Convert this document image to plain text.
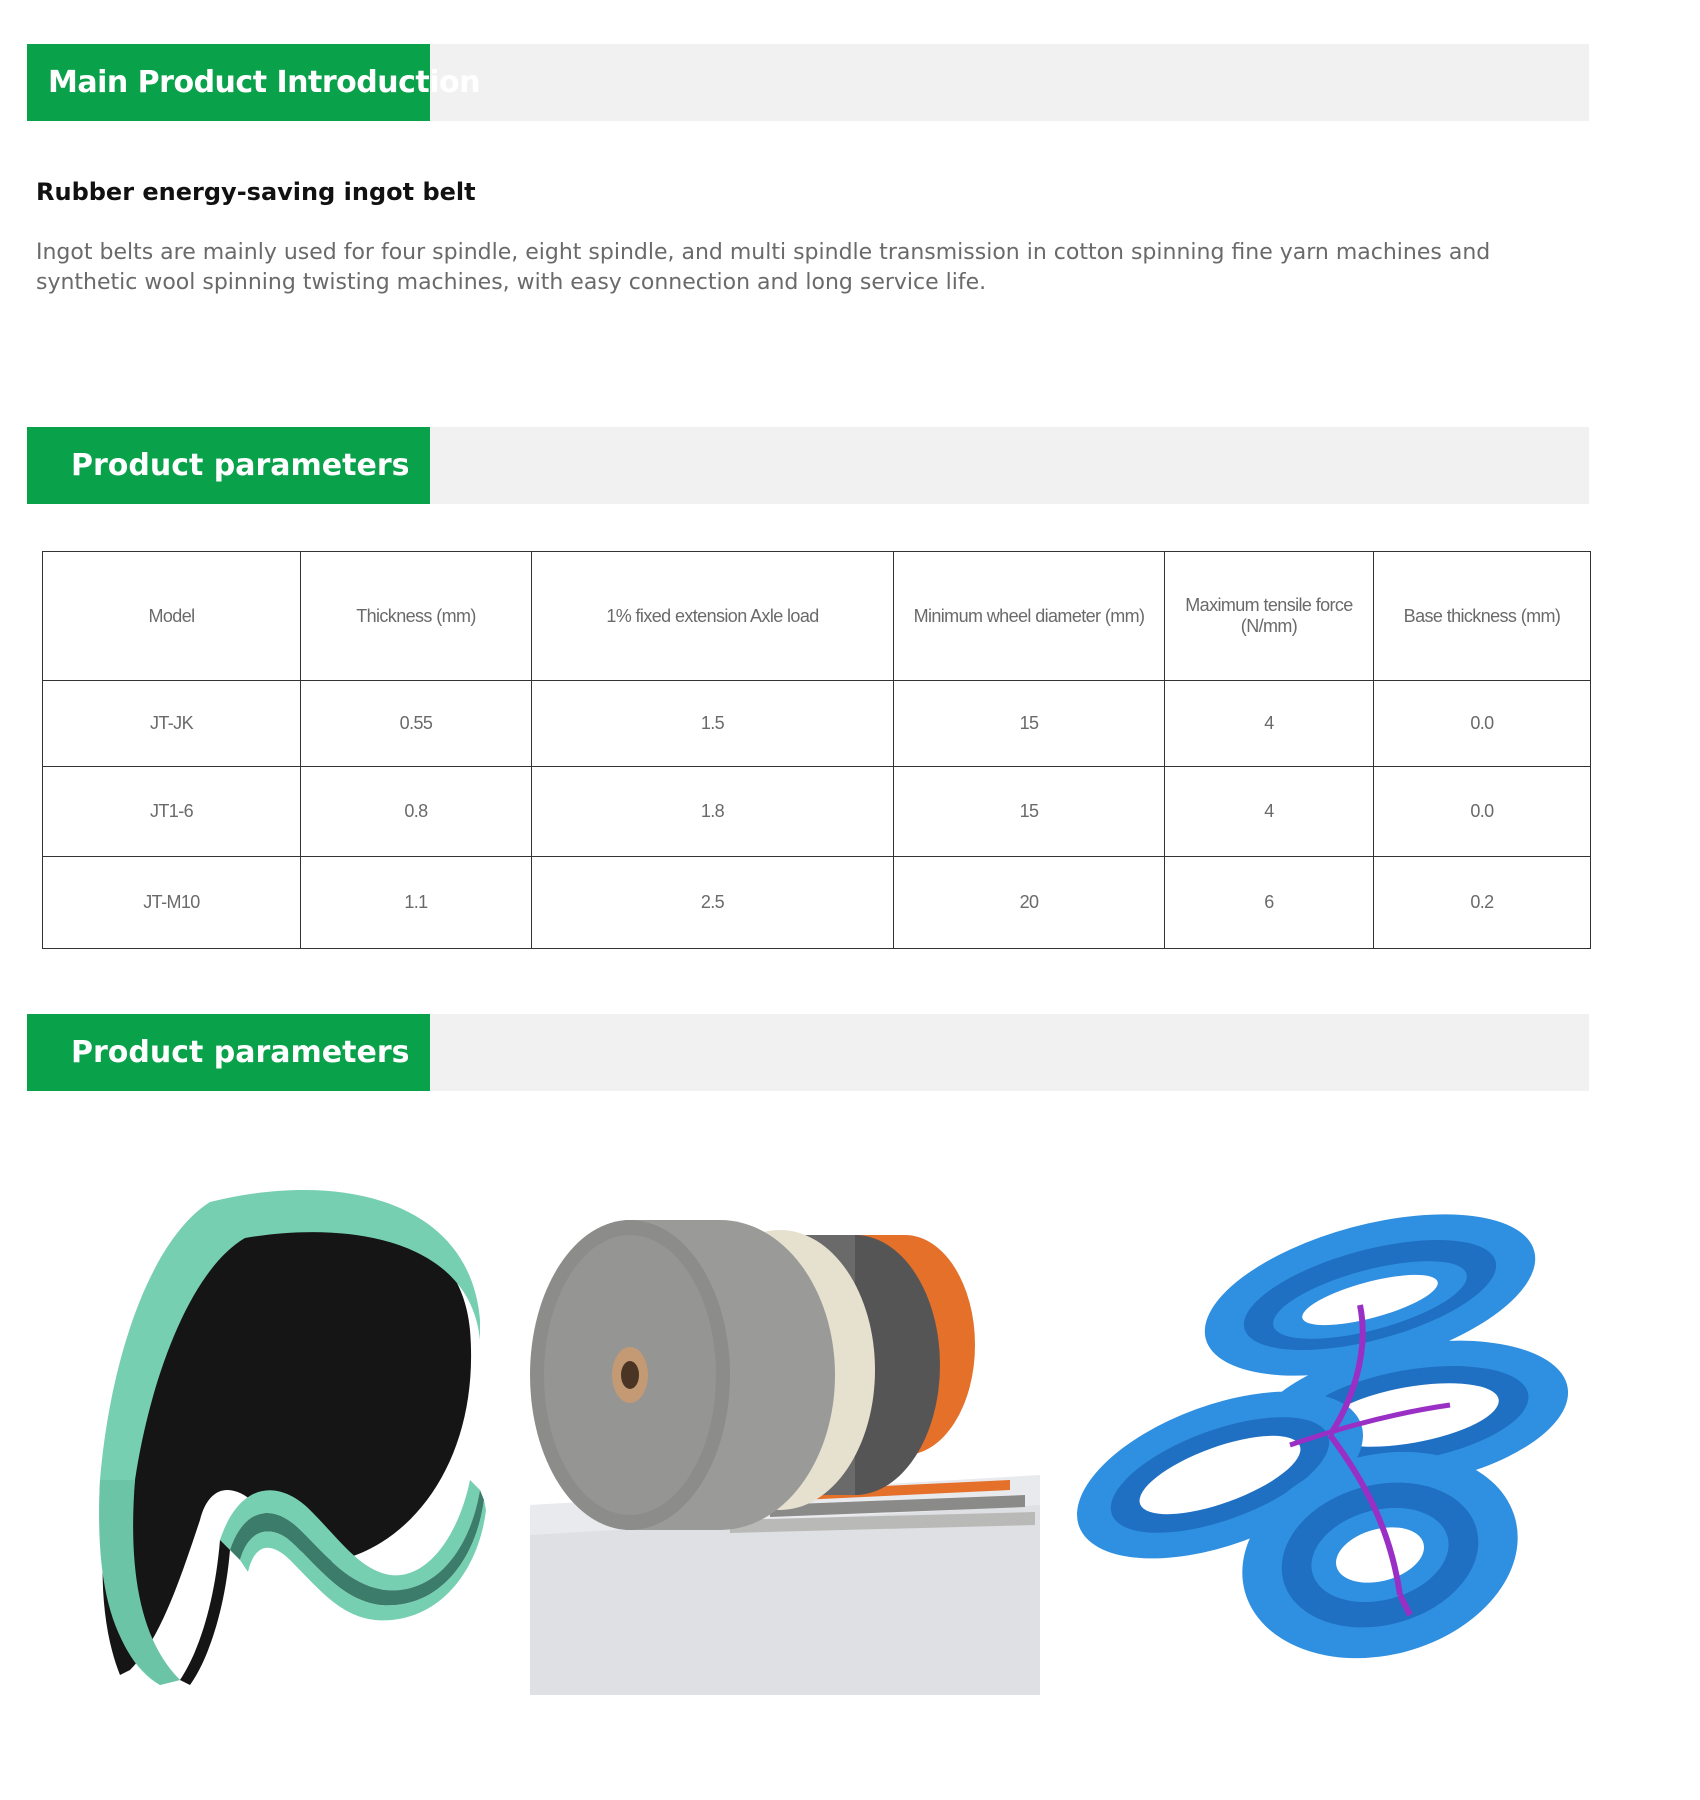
Main Product Introduction
Rubber energy-saving ingot belt

Ingot belts are mainly used for four spindle, eight spindle, and multi spindle transmission in cotton spinning fine yarn machines and synthetic wool spinning twisting machines, with easy connection and long service life.

Product parameters
Model	Thickness (mm)	1% fixed extension Axle load	Minimum wheel diameter (mm)	Maximum tensile force (N/mm)	Base thickness (mm)
JT-JK	0.55	1.5	15	4	0.0
JT1-6	0.8	1.8	15	4	0.0
JT-M10	1.1	2.5	20	6	0.2
Product parameters
